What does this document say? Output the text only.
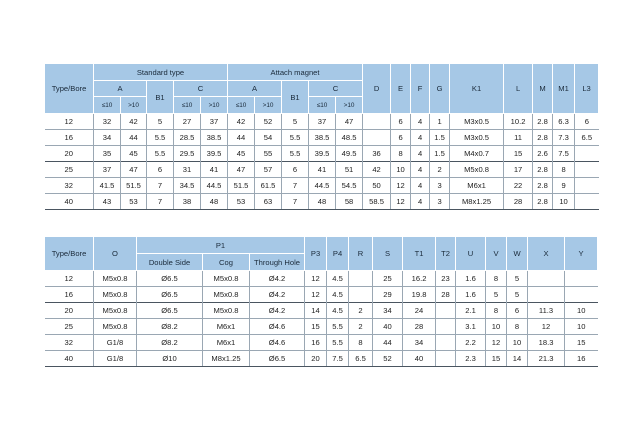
Type/Bore	Standard type					Attach magnet					D	E	F	G	K1	L	M	M1	L3
	A		B1	C		A		B1	C										
	≤10	>10		≤10	>10	≤10	>10		≤10	>10									
12	32	42	5	27	37	42	52	5	37	47		6	4	1	M3x0.5	10.2	2.8	6.3	6
16	34	44	5.5	28.5	38.5	44	54	5.5	38.5	48.5		6	4	1.5	M3x0.5	11	2.8	7.3	6.5
20	35	45	5.5	29.5	39.5	45	55	5.5	39.5	49.5	36	8	4	1.5	M4x0.7	15	2.6	7.5	
25	37	47	6	31	41	47	57	6	41	51	42	10	4	2	M5x0.8	17	2.8	8	
32	41.5	51.5	7	34.5	44.5	51.5	61.5	7	44.5	54.5	50	12	4	3	M6x1	22	2.8	9	
40	43	53	7	38	48	53	63	7	48	58	58.5	12	4	3	M8x1.25	28	2.8	10	
Type/Bore	O	P1			P3	P4	R	S	T1	T2	U	V	W	X	Y
		Double Side	Cog	Through Hole											
12	M5x0.8	Ø6.5	M5x0.8	Ø4.2	12	4.5		25	16.2	23	1.6	8	5		
16	M5x0.8	Ø6.5	M5x0.8	Ø4.2	12	4.5		29	19.8	28	1.6	5	5		
20	M5x0.8	Ø6.5	M5x0.8	Ø4.2	14	4.5	2	34	24		2.1	8	6	11.3	10
25	M5x0.8	Ø8.2	M6x1	Ø4.6	15	5.5	2	40	28		3.1	10	8	12	10
32	G1/8	Ø8.2	M6x1	Ø4.6	16	5.5	8	44	34		2.2	12	10	18.3	15
40	G1/8	Ø10	M8x1.25	Ø6.5	20	7.5	6.5	52	40		2.3	15	14	21.3	16
